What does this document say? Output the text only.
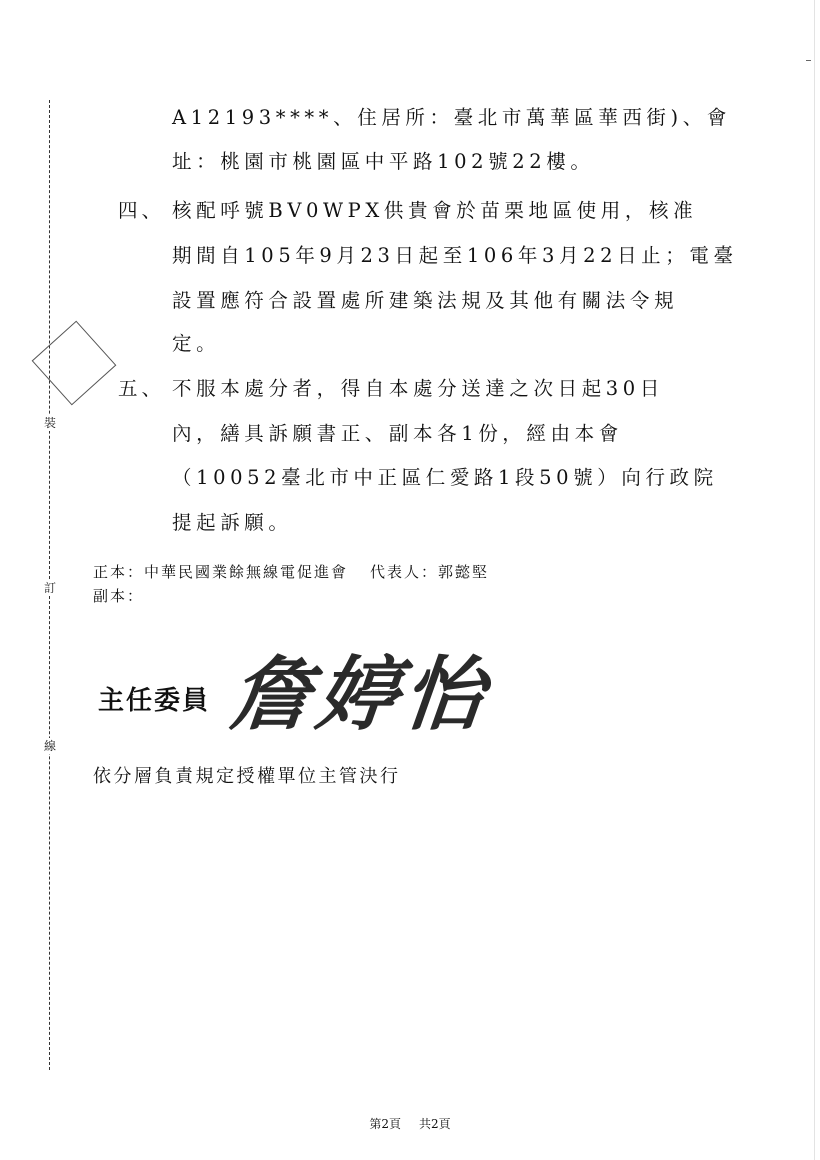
裝
訂
線
A12193****、住居所：臺北市萬華區華西街)、會
址：桃園市桃園區中平路102號22樓。
四、 核配呼號BV0WPX供貴會於苗栗地區使用，核准
期間自105年9月23日起至106年3月22日止；電臺
設置應符合設置處所建築法規及其他有關法令規
定。
五、 不服本處分者，得自本處分送達之次日起30日
內，繕具訴願書正、副本各1份，經由本會
（10052臺北市中正區仁愛路1段50號）向行政院
提起訴願。
正本：中華民國業餘無線電促進會 代表人：郭懿堅
副本：
主任委員 詹婷怡
依分層負責規定授權單位主管決行
第2頁 共2頁
